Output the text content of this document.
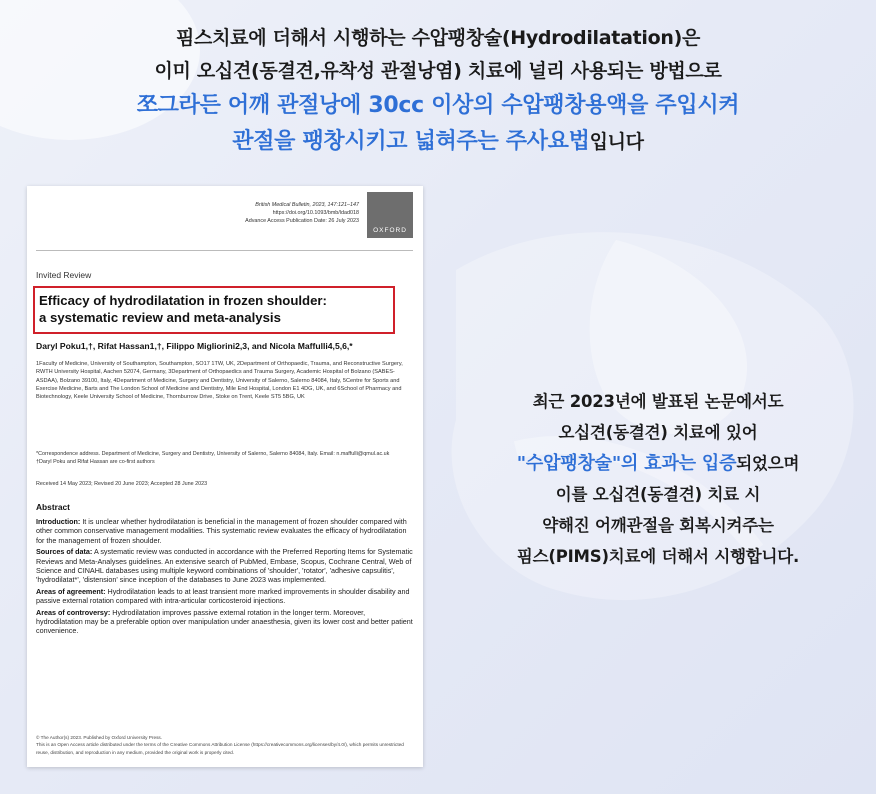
핌스치료에 더해서 시행하는 수압팽창술(Hydrodilatation)은
이미 오십견(동결견,유착성 관절낭염) 치료에 널리 사용되는 방법으로
쪼그라든 어깨 관절낭에 30cc 이상의 수압팽창용액을 주입시켜
관절을 팽창시키고 넓혀주는 주사요법입니다
British Medical Bulletin, 2023, 147:121–147
https://doi.org/10.1093/bmb/ldad018
Advance Access Publication Date: 26 July 2023
OXFORD
Invited Review
Efficacy of hydrodilatation in frozen shoulder:
a systematic review and meta-analysis
Daryl Poku1,†, Rifat Hassan1,†, Filippo Migliorini2,3, and Nicola Maffulli4,5,6,*
1Faculty of Medicine, University of Southampton, Southampton, SO17 1TW, UK, 2Department of Orthopaedic, Trauma, and Reconstructive Surgery, RWTH University Hospital, Aachen 52074, Germany, 3Department of Orthopaedics and Trauma Surgery, Academic Hospital of Bolzano (SABES-ASDAA), Bolzano 39100, Italy, 4Department of Medicine, Surgery and Dentistry, University of Salerno, Salerno 84084, Italy, 5Centre for Sports and Exercise Medicine, Barts and The London School of Medicine and Dentistry, Mile End Hospital, London E1 4DG, UK, and 6School of Pharmacy and Biotechnology, Keele University School of Medicine, Thornburrow Drive, Stoke on Trent, Keele ST5 5BG, UK
*Correspondence address. Department of Medicine, Surgery and Dentistry, University of Salerno, Salerno 84084, Italy. Email: n.maffulli@qmul.ac.uk
†Daryl Poku and Rifat Hassan are co-first authors
Received 14 May 2023; Revised 20 June 2023; Accepted 28 June 2023
Abstract

Introduction: It is unclear whether hydrodilatation is beneficial in the management of frozen shoulder compared with other common conservative management modalities. This systematic review evaluates the efficacy of hydrodilatation for the management of frozen shoulder.

Sources of data: A systematic review was conducted in accordance with the Preferred Reporting Items for Systematic Reviews and Meta-Analyses guidelines. An extensive search of PubMed, Embase, Scopus, Cochrane Central, Web of Science and CINAHL databases using multiple keyword combinations of 'shoulder', 'rotator', 'adhesive capsulitis', 'hydrodilatat*', 'distension' since inception of the databases to June 2023 was implemented.

Areas of agreement: Hydrodilatation leads to at least transient more marked improvements in shoulder disability and passive external rotation compared with intra-articular corticosteroid injections.

Areas of controversy: Hydrodilatation improves passive external rotation in the longer term. Moreover, hydrodilatation may be a preferable option over manipulation under anaesthesia, given its lower cost and better patient convenience.

© The Author(s) 2023. Published by Oxford University Press.
This is an Open Access article distributed under the terms of the Creative Commons Attribution License (https://creativecommons.org/licenses/by/4.0/), which permits unrestricted reuse, distribution, and reproduction in any medium, provided the original work is properly cited.
최근 2023년에 발표된 논문에서도
오십견(동결견) 치료에 있어
"수압팽창술"의 효과는 입증되었으며
이를 오십견(동결견) 치료 시
약해진 어깨관절을 회복시켜주는
핌스(PIMS)치료에 더해서 시행합니다.
